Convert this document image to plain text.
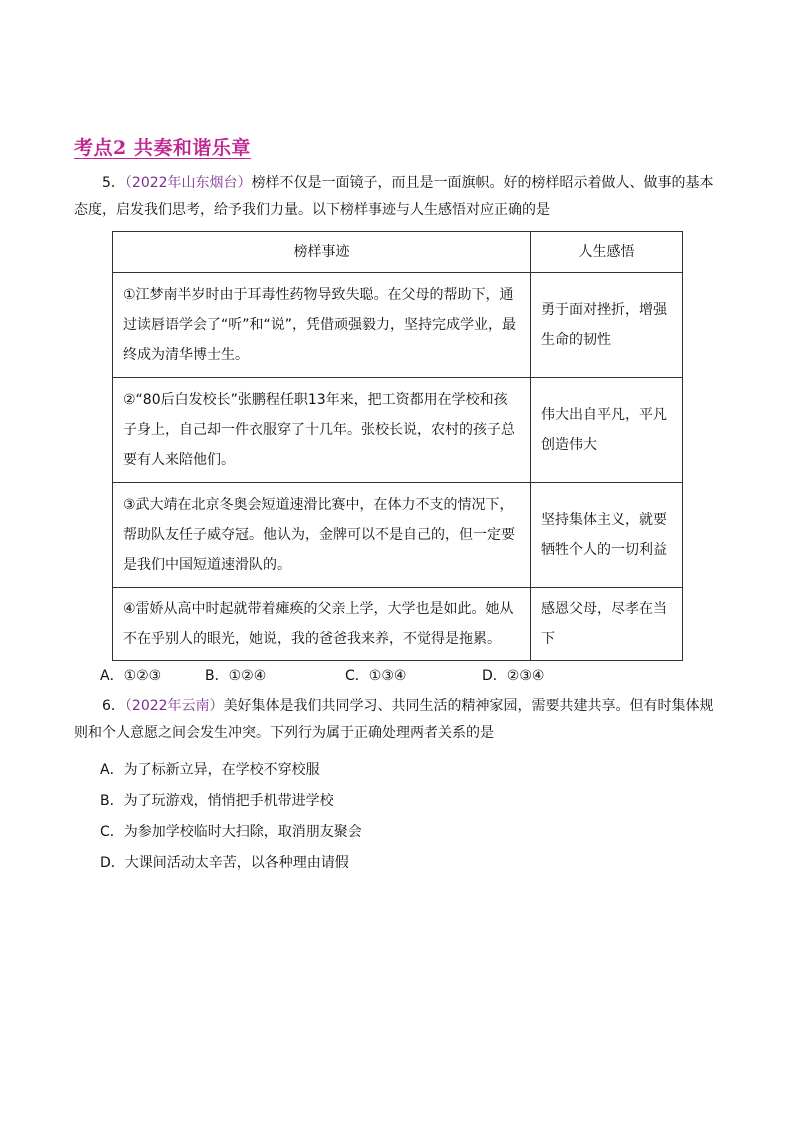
考点2 共奏和谐乐章
5．（2022年山东烟台）榜样不仅是一面镜子，而且是一面旗帜。好的榜样昭示着做人、做事的基本态度，启发我们思考，给予我们力量。以下榜样事迹与人生感悟对应正确的是
榜样事迹	人生感悟
①江梦南半岁时由于耳毒性药物导致失聪。在父母的帮助下，通过读唇语学会了“听”和“说”，凭借顽强毅力，坚持完成学业，最终成为清华博士生。	勇于面对挫折，增强生命的韧性
②“80后白发校长”张鹏程任职13年来，把工资都用在学校和孩子身上，自己却一件衣服穿了十几年。张校长说，农村的孩子总要有人来陪他们。	伟大出自平凡，平凡创造伟大
③武大靖在北京冬奥会短道速滑比赛中，在体力不支的情况下，帮助队友任子威夺冠。他认为，金牌可以不是自己的，但一定要是我们中国短道速滑队的。	坚持集体主义，就要牺牲个人的一切利益
④雷娇从高中时起就带着瘫痪的父亲上学，大学也是如此。她从不在乎别人的眼光，她说，我的爸爸我来养，不觉得是拖累。	感恩父母，尽孝在当下
A．①②③	B．①②④	C．①③④	D．②③④
6．（2022年云南）美好集体是我们共同学习、共同生活的精神家园，需要共建共享。但有时集体规则和个人意愿之间会发生冲突。下列行为属于正确处理两者关系的是
A．为了标新立异，在学校不穿校服
B．为了玩游戏，悄悄把手机带进学校
C．为参加学校临时大扫除，取消朋友聚会
D．大课间活动太辛苦，以各种理由请假
